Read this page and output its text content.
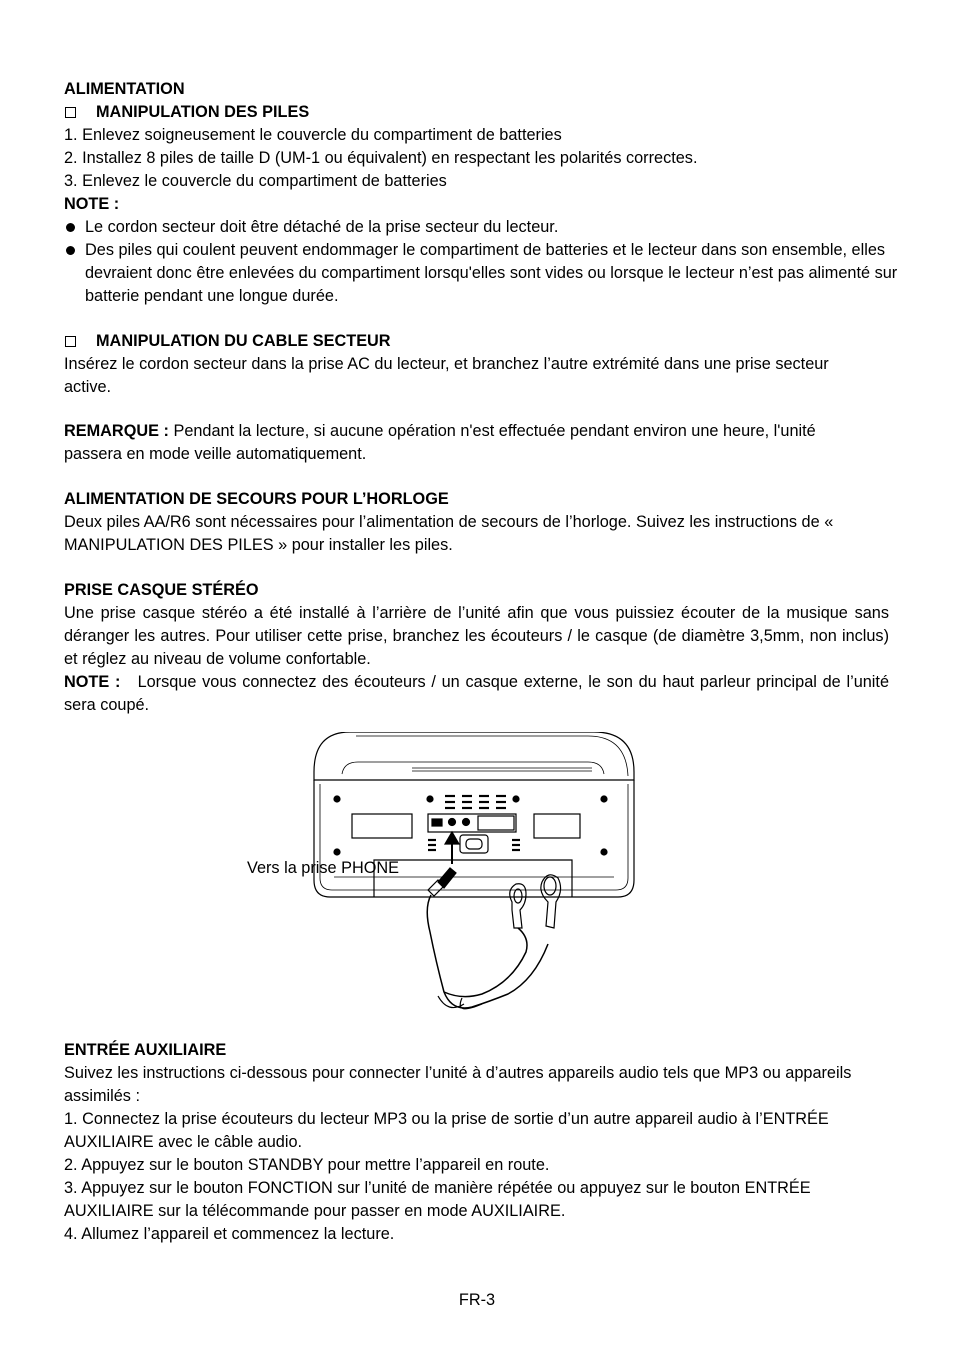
ALIMENTATION
MANIPULATION DES PILES
1. Enlevez soigneusement le couvercle du compartiment de batteries
2. Installez 8 piles de taille D (UM-1 ou équivalent) en respectant les polarités correctes.
3. Enlevez le couvercle du compartiment de batteries
NOTE :
Le cordon secteur doit être détaché de la prise secteur du lecteur.
Des piles qui coulent peuvent endommager le compartiment de batteries et le lecteur dans son ensemble, elles devraient donc être enlevées du compartiment lorsqu'elles sont vides ou lorsque le lecteur n’est pas alimenté sur batterie pendant une longue durée.
MANIPULATION DU CABLE SECTEUR
Insérez le cordon secteur dans la prise AC du lecteur, et branchez l’autre extrémité dans une prise secteur active.
REMARQUE : Pendant la lecture, si aucune opération n'est effectuée pendant environ une heure, l'unité passera en mode veille automatiquement.
ALIMENTATION DE SECOURS POUR L’HORLOGE
Deux piles AA/R6 sont nécessaires pour l’alimentation de secours de l’horloge. Suivez les instructions de « MANIPULATION DES PILES » pour installer les piles.
PRISE CASQUE STÉRÉO
Une prise casque stéréo a été installé à l’arrière de l’unité afin que vous puissiez écouter de la musique sans déranger les autres. Pour utiliser cette prise, branchez les écouteurs / le casque (de diamètre 3,5mm, non inclus) et réglez au niveau de volume confortable.
NOTE : Lorsque vous connectez des écouteurs / un casque externe, le son du haut parleur principal de l’unité sera coupé.
Vers la prise PHONE
ENTRÉE AUXILIAIRE
Suivez les instructions ci-dessous pour connecter l’unité à d’autres appareils audio tels que MP3 ou appareils assimilés :
1. Connectez la prise écouteurs du lecteur MP3 ou la prise de sortie d’un autre appareil audio à l’ENTRÉE AUXILIAIRE avec le câble audio.
2. Appuyez sur le bouton STANDBY pour mettre l’appareil en route.
3. Appuyez sur le bouton FONCTION sur l’unité de manière répétée ou appuyez sur le bouton ENTRÉE AUXILIAIRE sur la télécommande pour passer en mode AUXILIAIRE.
4. Allumez l’appareil et commencez la lecture.
FR-3
